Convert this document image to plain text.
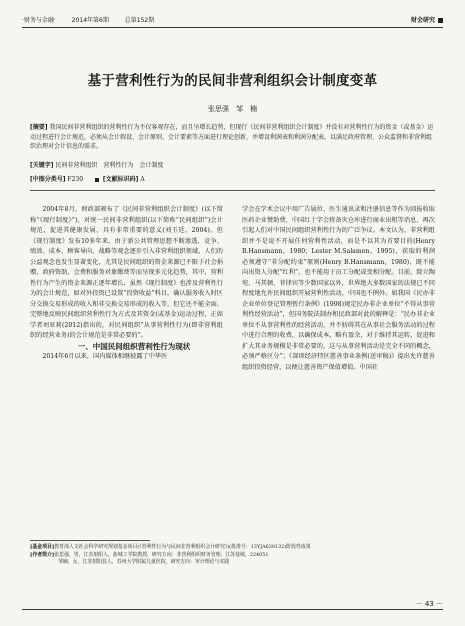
·财务与金融·	2014年第6期	总第152期	财会研究
基于营利性行为的民间非营利组织会计制度变革
张思强　邹　楠
[摘要] 我国民间非营利组织的营利性行为不仅客观存在，而且呈增长趋势，但现行《民间非营利组织会计制度》并没有对营利性行为的资金（或基金）运动过程进行会计规范，必须从会计假设、会计原则、会计要素等方面进行理论创新，并增设利润表和利润分配表，以满足政府管理、公众监督和非营利组织治理对会计信息的需求。
[关键字] 民间非营利组织　营利性行为　会计制度
[中图分类号] F230	[文献标识码] A

2004年8月，财政部颁布了《民间非营利组织会计制度》(以下简称“《现行制度》”)，对统一民间非营利组织(以下简称“民间组织”)会计规范，促进其健康发展，具有非常重要的意义(刘玉廷，2004)。但《现行制度》发布10多年来，由于新公共管理思想不断渗透，竞争、绩效、成本、顾客导向、战略等观念逐步引入非营利组织领域，人们的公益观念也发生显著变化，尤其是民间组织的资金来源已不限于社会捐赠、政府资助、会费和服务对象缴费等而呈现多元化趋势，其中，营利性行为产生的资金来源正逐年增长，虽然《现行制度》也涉及营利性行为的会计规范，如对外投资已设置“投资收益”科目，确认服务收入时区分交换交易形成的收入和非交换交易形成的收入等，但它还不能全面、完整地反映民间组织营利性行为方式及其资金(或基金)运动过程，正如学者刘亚莉(2012)指出的，对民间组织“从事营利性行为(即非营利组织的经营业务)的会计规范是非常必要的”。

一、中国民间组织营利性行为现状

2014年6月以来，国内媒体相继披露了中华医

学会在学术会议中用广告展位、医生通讯录和注册信息等作为回报收取医药企业赞助费，中国红十字会将备灾仓库进行商业出租等消息，再次引起人们对中国民间组织营利性行为的广泛争议。本文认为，非营利组织并不是说不开展任何营利性活动，而是不以其为首要目的(Henry B.Hansmann，1980；Lester M.Salamon，1995)，获取的利润必须遵守“非分配约束”原则(Henry B.Hansmann，1980)，既不能向出资人分配“红利”，也不能用于员工分配或变相分配。目前，除立陶宛、马其顿、菲律宾等少数国家以外，世界绝大多数国家的法规已不同程度地允许民间组织开展营利性活动，中国也不例外。如我国《民办非企业单位登记管理暂行条例》(1998)规定民办非企业单位“不得从事营利性经营活动”，但国务院法制办和民政部对此的解释是：“民办非企业单位不从事营利性的经营活动，并不妨碍其在从事社会服务活动的过程中进行合理的收费，以确保成本，略有盈余，对于维持其运转，促进和扩大其业务规模是非常必要的，这与从事营利活动是完全不同的概念，必须严格区分”；《深圳经济特区慈善事业条例(送审稿)》提出允许慈善组织投资经营，以便让慈善资产保值增值。中国社

[基金项目]教育部人文社会科学研究规划基金项目(《营利性行为与民间非营利组织会计研究》)(批准号：13YJA630132)阶段性成果
[作者简介]张思强，男，江苏射阳人，盐城工学院教授，研究方向：非营利组织财务管理；江苏盐城，224051
邹楠，女，江苏射阳县人，苏州大学附属儿童医院，研究方向：审计理论与实践
－ 43 －
